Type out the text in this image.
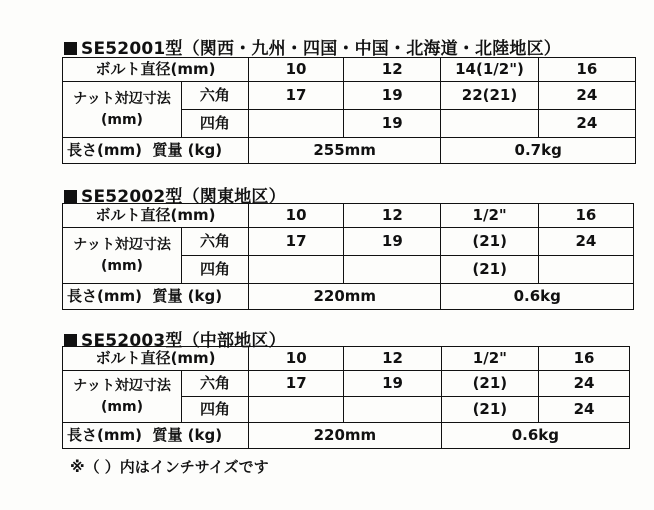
SE52001型（関西・九州・四国・中国・北海道・北陸地区）
ボルト直径(mm)		10	12	14(1/2")	16
ナット対辺寸法
(mm)	六角	17	19	22(21)	24
	四角		19		24
長さ(mm) 質量 (kg)		255mm		0.7kg	
SE52002型（関東地区）
ボルト直径(mm)		10	12	1/2"	16
ナット対辺寸法
(mm)	六角	17	19	(21)	24
	四角			(21)	
長さ(mm) 質量 (kg)		220mm		0.6kg	
SE52003型（中部地区）
ボルト直径(mm)		10	12	1/2"	16
ナット対辺寸法
(mm)	六角	17	19	(21)	24
	四角			(21)	24
長さ(mm) 質量 (kg)		220mm		0.6kg	
※（ ）内はインチサイズです
